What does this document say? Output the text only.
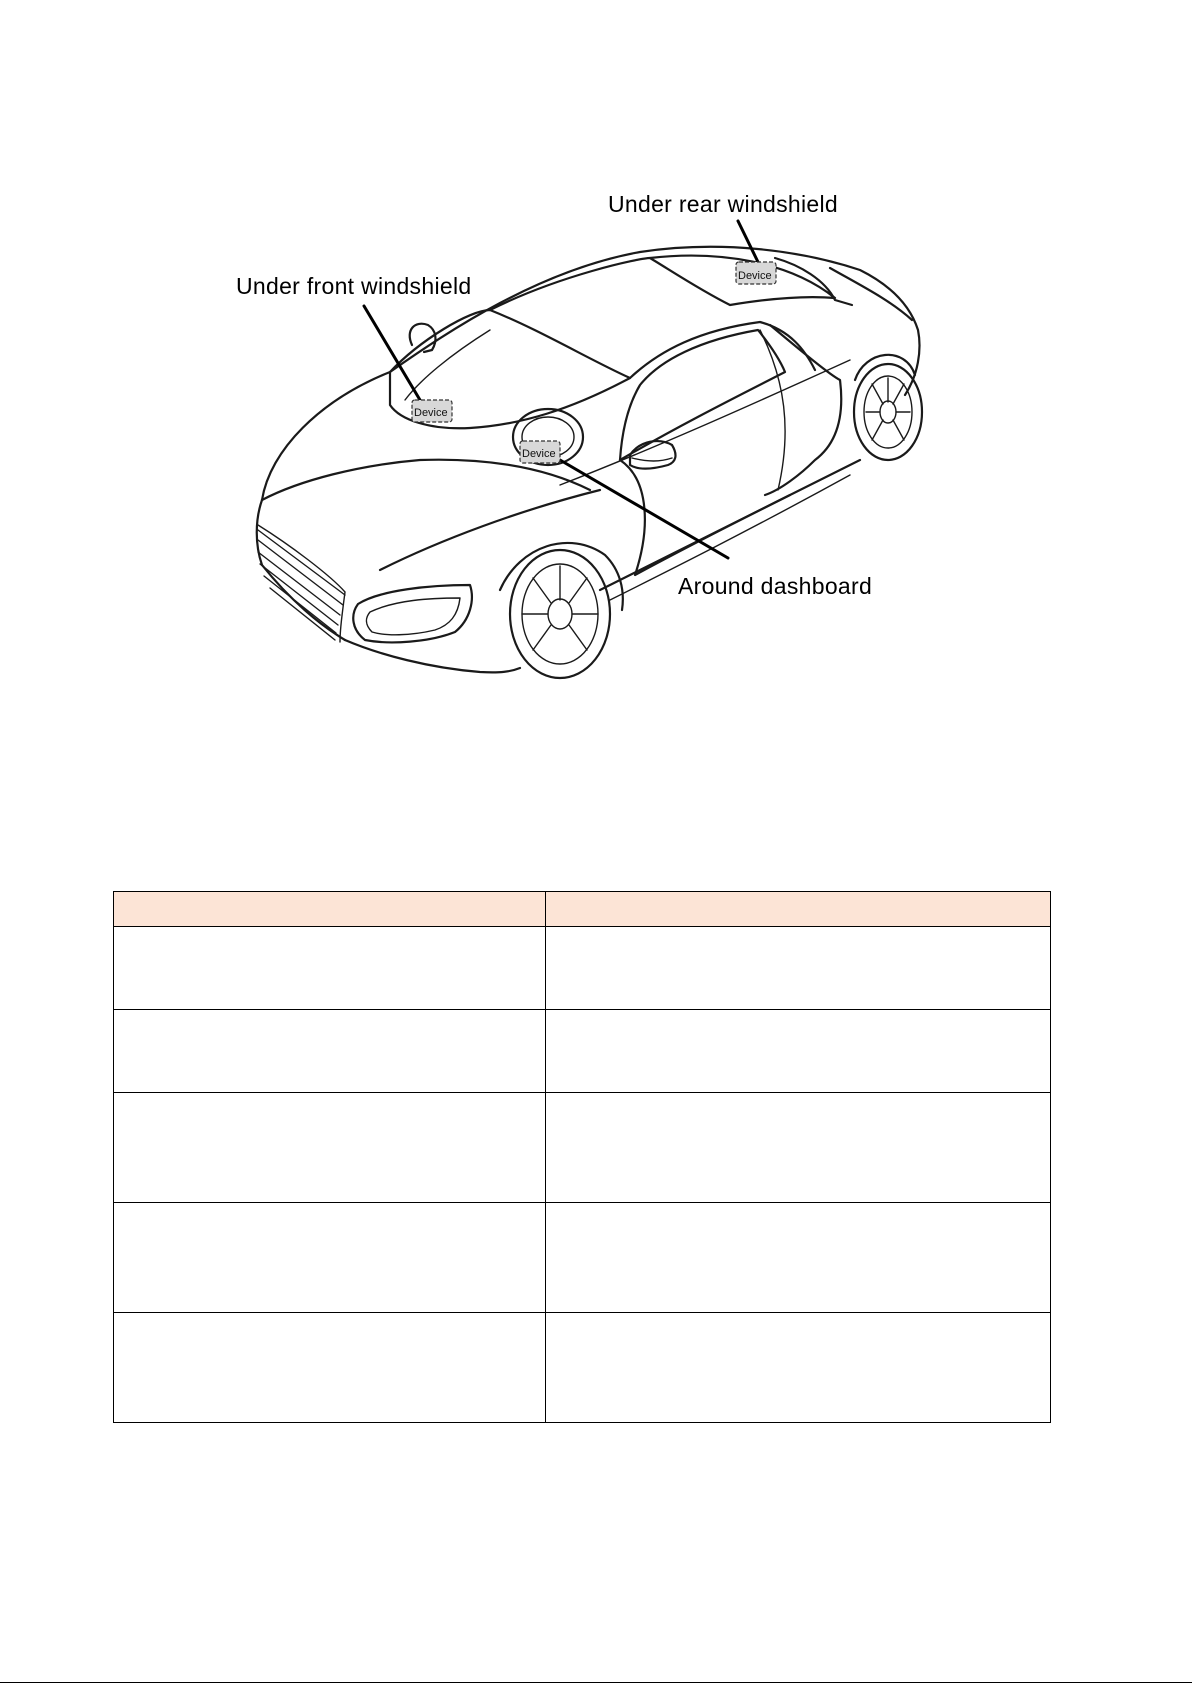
Under rear windshield
Under front windshield
Around dashboard
Device
Device
Device
